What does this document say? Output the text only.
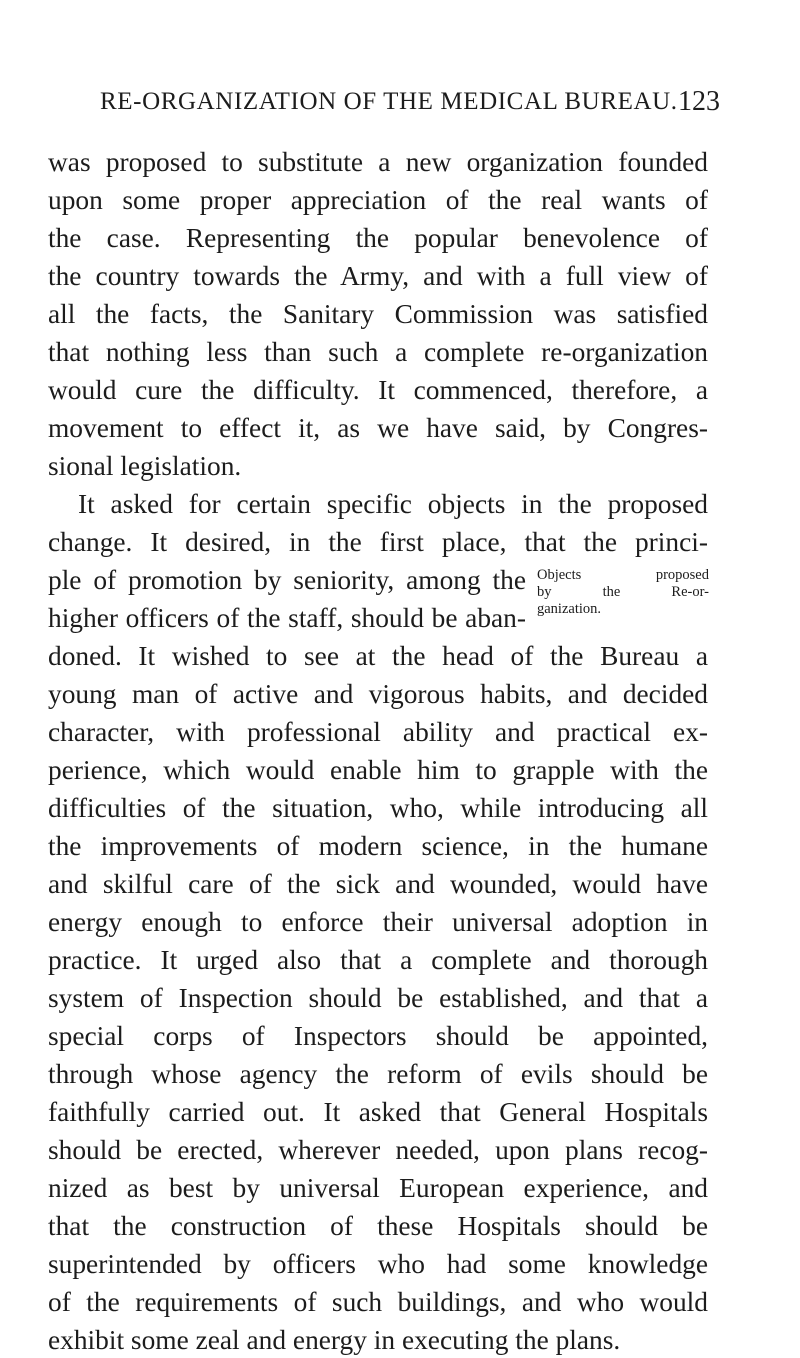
RE-ORGANIZATION OF THE MEDICAL BUREAU. 123
was proposed to substitute a new organization founded
upon some proper appreciation of the real wants of
the case. Representing the popular benevolence of
the country towards the Army, and with a full view of
all the facts, the Sanitary Commission was satisfied
that nothing less than such a complete re-organization
would cure the difficulty. It commenced, therefore, a
movement to effect it, as we have said, by Congres-
sional legislation.
It asked for certain specific objects in the proposed
change. It desired, in the first place, that the princi-
ple of promotion by seniority, among the
higher officers of the staff, should be aban-
doned. It wished to see at the head of the Bureau a
young man of active and vigorous habits, and decided
character, with professional ability and practical ex-
perience, which would enable him to grapple with the
difficulties of the situation, who, while introducing all
the improvements of modern science, in the humane
and skilful care of the sick and wounded, would have
energy enough to enforce their universal adoption in
practice. It urged also that a complete and thorough
system of Inspection should be established, and that a
special corps of Inspectors should be appointed,
through whose agency the reform of evils should be
faithfully carried out. It asked that General Hospitals
should be erected, wherever needed, upon plans recog-
nized as best by universal European experience, and
that the construction of these Hospitals should be
superintended by officers who had some knowledge
of the requirements of such buildings, and who would
exhibit some zeal and energy in executing the plans.
Objects proposed
by the Re-or-
ganization.
